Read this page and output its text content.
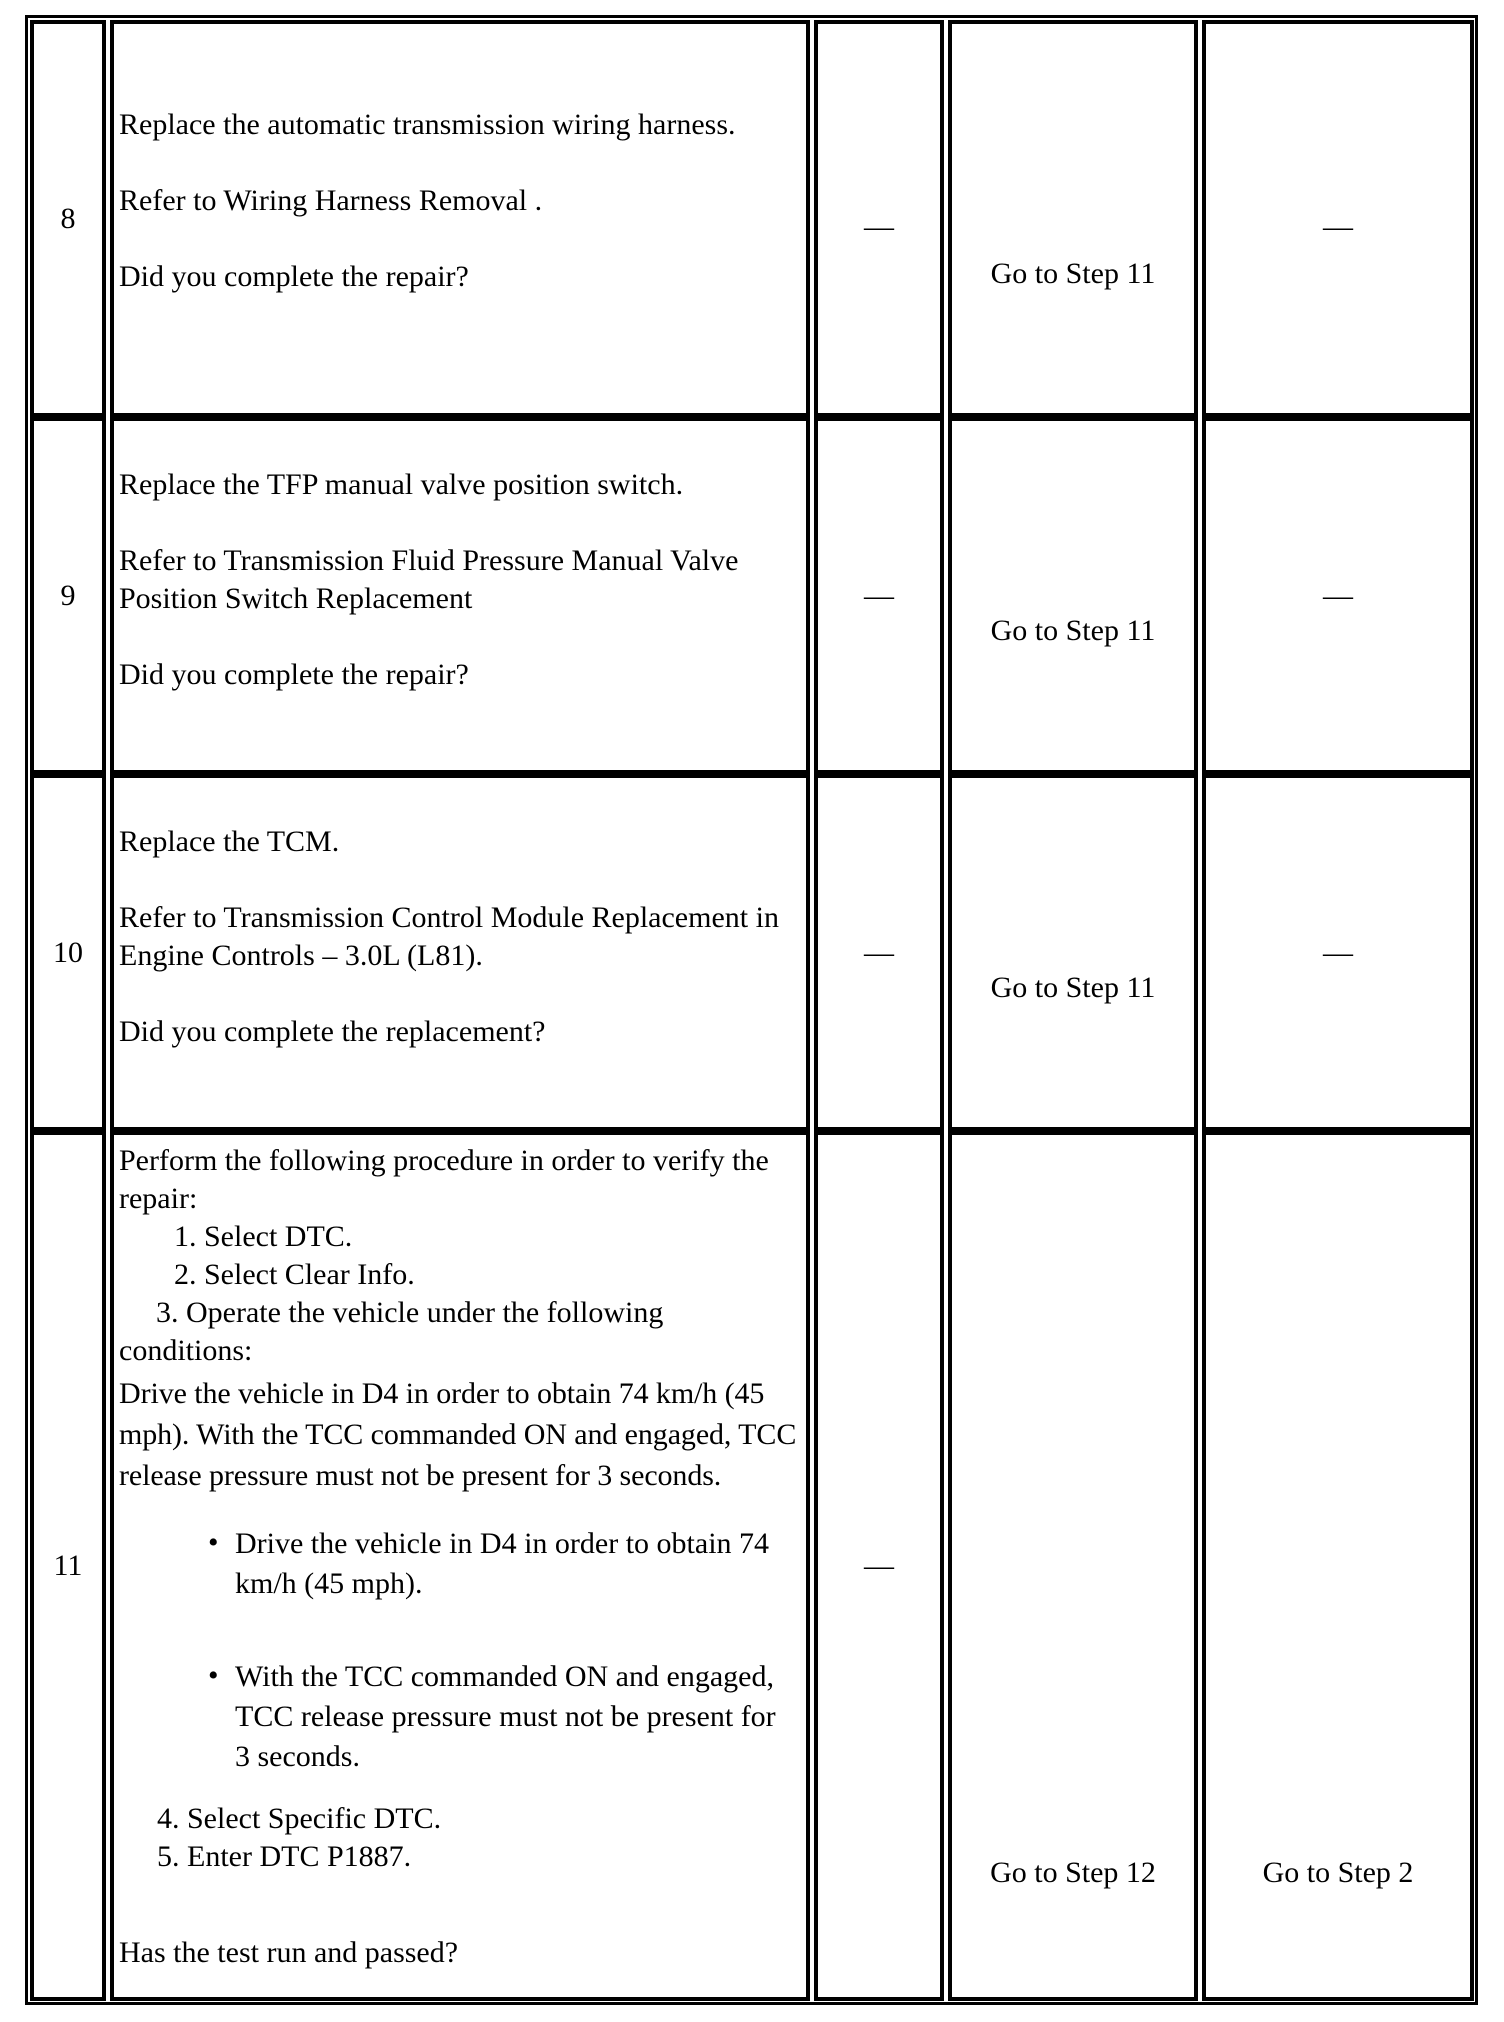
8

Replace the automatic transmission wiring harness.

Refer to Wiring Harness Removal .

Did you complete the repair?

—
Go to Step 11
—
9

Replace the TFP manual valve position switch.

Refer to Transmission Fluid Pressure Manual Valve Position Switch Replacement

Did you complete the repair?

—
Go to Step 11
—
10

Replace the TCM.

Refer to Transmission Control Module Replacement in Engine Controls – 3.0L (L81).

Did you complete the replacement?

—
Go to Step 11
—
11
Perform the following procedure in order to verify the repair:
1. Select DTC.
2. Select Clear Info.
3. Operate the vehicle under the following conditions:
Drive the vehicle in D4 in order to obtain 74 km/h (45 mph). With the TCC commanded ON and engaged, TCC release pressure must not be present for 3 seconds.
• Drive the vehicle in D4 in order to obtain 74 km/h (45 mph).
• With the TCC commanded ON and engaged, TCC release pressure must not be present for 3 seconds.
4. Select Specific DTC.
5. Enter DTC P1887.
Has the test run and passed?
—
Go to Step 12	Go to Step 2
